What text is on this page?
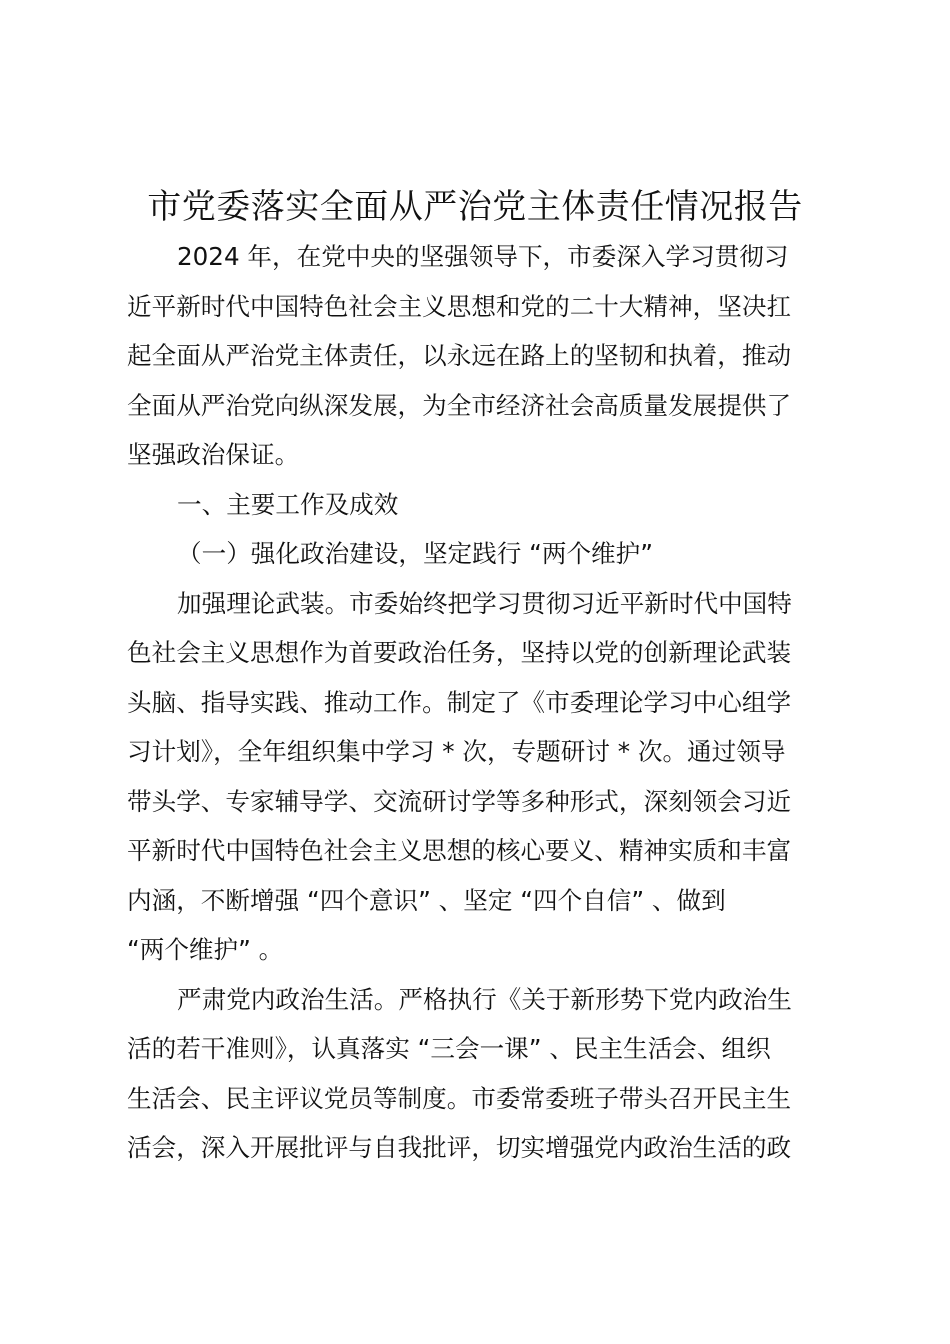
市党委落实全面从严治党主体责任情况报告
2024 年，在党中央的坚强领导下，市委深入学习贯彻习
近平新时代中国特色社会主义思想和党的二十大精神，坚决扛
起全面从严治党主体责任，以永远在路上的坚韧和执着，推动
全面从严治党向纵深发展，为全市经济社会高质量发展提供了
坚强政治保证。
一、主要工作及成效
（一）强化政治建设，坚定践行 “两个维护”
加强理论武装。市委始终把学习贯彻习近平新时代中国特
色社会主义思想作为首要政治任务，坚持以党的创新理论武装
头脑、指导实践、推动工作。制定了《市委理论学习中心组学
习计划》，全年组织集中学习 * 次，专题研讨 * 次。通过领导
带头学、专家辅导学、交流研讨学等多种形式，深刻领会习近
平新时代中国特色社会主义思想的核心要义、精神实质和丰富
内涵，不断增强 “四个意识” 、坚定 “四个自信” 、做到
“两个维护” 。
严肃党内政治生活。严格执行《关于新形势下党内政治生
活的若干准则》，认真落实 “三会一课” 、民主生活会、组织
生活会、民主评议党员等制度。市委常委班子带头召开民主生
活会，深入开展批评与自我批评，切实增强党内政治生活的政
